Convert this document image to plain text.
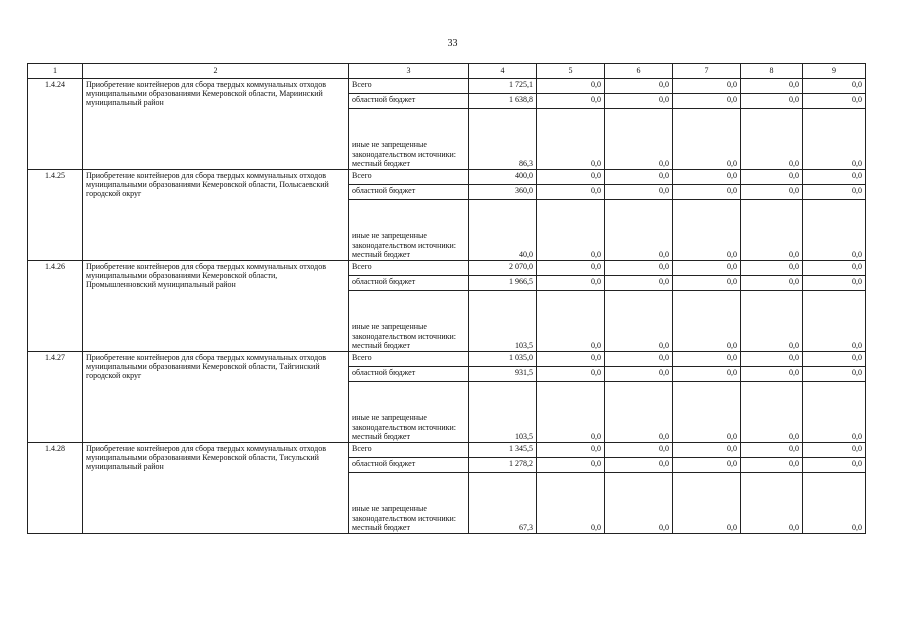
33
1	2	3	4	5	6	7	8	9
1.4.24	Приобретение контейнеров для сбора твердых коммунальных отходов муниципальными образованиями Кемеровской области, Мариинский муниципальный район	Всего	1 725,1	0,0	0,0	0,0	0,0	0,0

		областной бюджет	1 638,8	0,0	0,0	0,0	0,0	0,0

		иные не запрещенные законодательством источники:
местный бюджет	86,3	0,0	0,0	0,0	0,0	0,0
1.4.25	Приобретение контейнеров для сбора твердых коммунальных отходов муниципальными образованиями Кемеровской области, Полысаевский городской округ	Всего	400,0	0,0	0,0	0,0	0,0	0,0

		областной бюджет	360,0	0,0	0,0	0,0	0,0	0,0

		иные не запрещенные законодательством источники:
местный бюджет	40,0	0,0	0,0	0,0	0,0	0,0
1.4.26	Приобретение контейнеров для сбора твердых коммунальных отходов муниципальными образованиями Кемеровской области, Промышленновский муниципальный район	Всего	2 070,0	0,0	0,0	0,0	0,0	0,0

		областной бюджет	1 966,5	0,0	0,0	0,0	0,0	0,0

		иные не запрещенные законодательством источники:
местный бюджет	103,5	0,0	0,0	0,0	0,0	0,0
1.4.27	Приобретение контейнеров для сбора твердых коммунальных отходов муниципальными образованиями Кемеровской области, Тайгинский городской округ	Всего	1 035,0	0,0	0,0	0,0	0,0	0,0

		областной бюджет	931,5	0,0	0,0	0,0	0,0	0,0

		иные не запрещенные законодательством источники:
местный бюджет	103,5	0,0	0,0	0,0	0,0	0,0
1.4.28	Приобретение контейнеров для сбора твердых коммунальных отходов муниципальными образованиями Кемеровской области, Тисульский муниципальный район	Всего	1 345,5	0,0	0,0	0,0	0,0	0,0

		областной бюджет	1 278,2	0,0	0,0	0,0	0,0	0,0

		иные не запрещенные законодательством источники:
местный бюджет	67,3	0,0	0,0	0,0	0,0	0,0
